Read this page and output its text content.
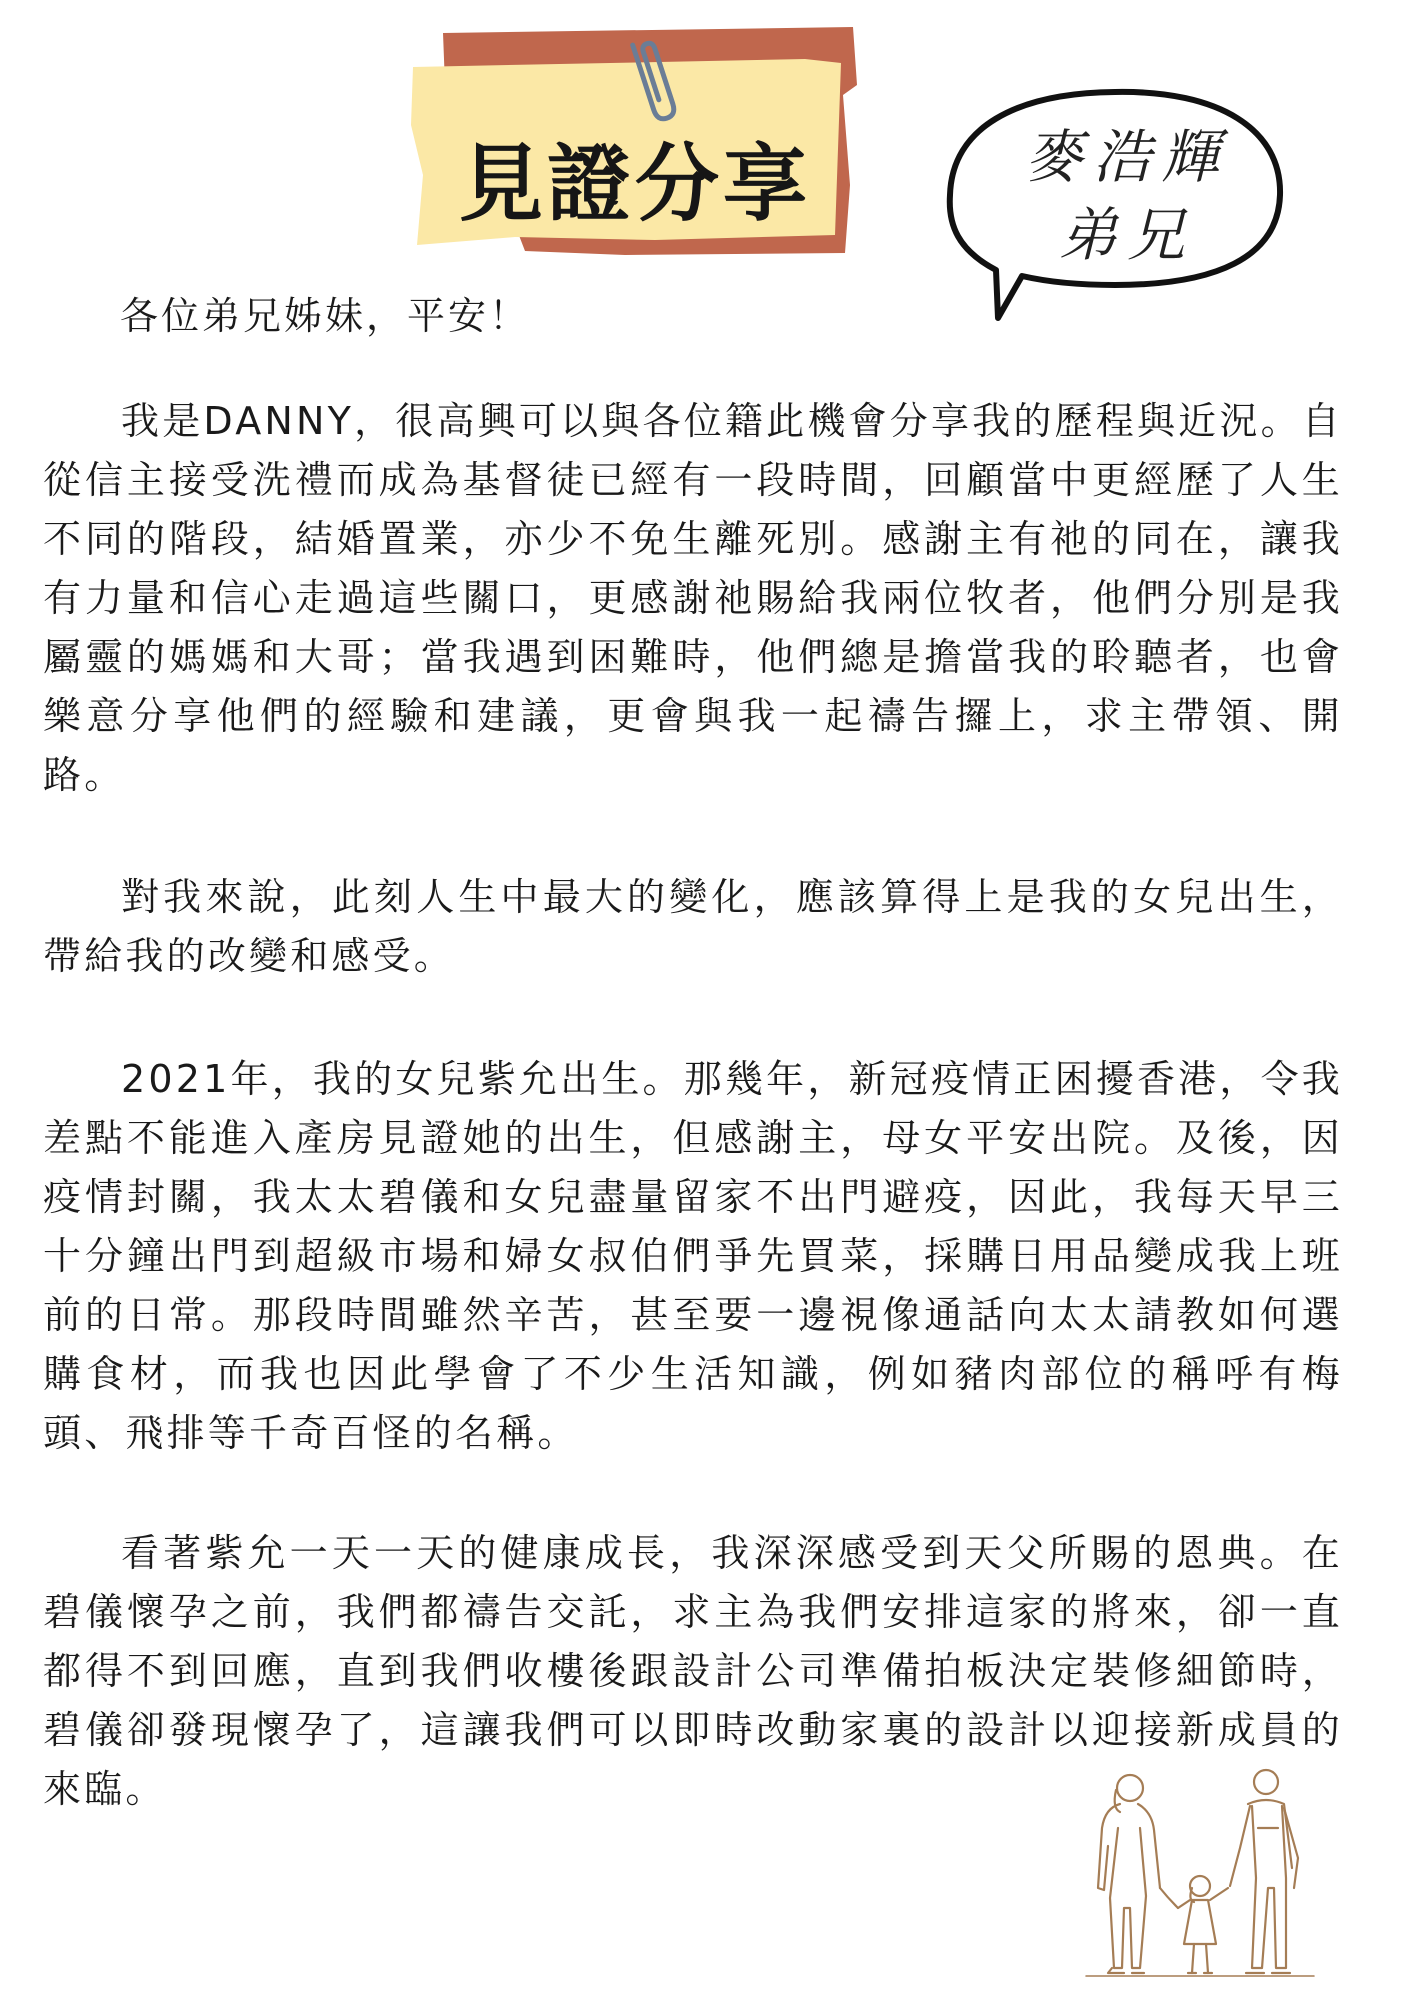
見證分享	麥浩輝
弟兄
各位弟兄姊妹，平安！

我是DANNY，很高興可以與各位籍此機會分享我的歷程與近況。自從信主接受洗禮而成為基督徒已經有一段時間，回顧當中更經歷了人生不同的階段，結婚置業，亦少不免生離死別。感謝主有祂的同在，讓我有力量和信心走過這些關口，更感謝祂賜給我兩位牧者，他們分別是我屬靈的媽媽和大哥；當我遇到困難時，他們總是擔當我的聆聽者，也會樂意分享他們的經驗和建議，更會與我一起禱告攞上，求主帶領、開路。

對我來說，此刻人生中最大的變化，應該算得上是我的女兒出生，帶給我的改變和感受。

2021年，我的女兒紫允出生。那幾年，新冠疫情正困擾香港，令我差點不能進入產房見證她的出生，但感謝主，母女平安出院。及後，因疫情封關，我太太碧儀和女兒盡量留家不出門避疫，因此，我每天早三十分鐘出門到超級市場和婦女叔伯們爭先買菜，採購日用品變成我上班前的日常。那段時間雖然辛苦，甚至要一邊視像通話向太太請教如何選購食材，而我也因此學會了不少生活知識，例如豬肉部位的稱呼有梅頭、飛排等千奇百怪的名稱。

看著紫允一天一天的健康成長，我深深感受到天父所賜的恩典。在碧儀懷孕之前，我們都禱告交託，求主為我們安排這家的將來，卻一直都得不到回應，直到我們收樓後跟設計公司準備拍板決定裝修細節時，碧儀卻發現懷孕了，這讓我們可以即時改動家裏的設計以迎接新成員的來臨。
